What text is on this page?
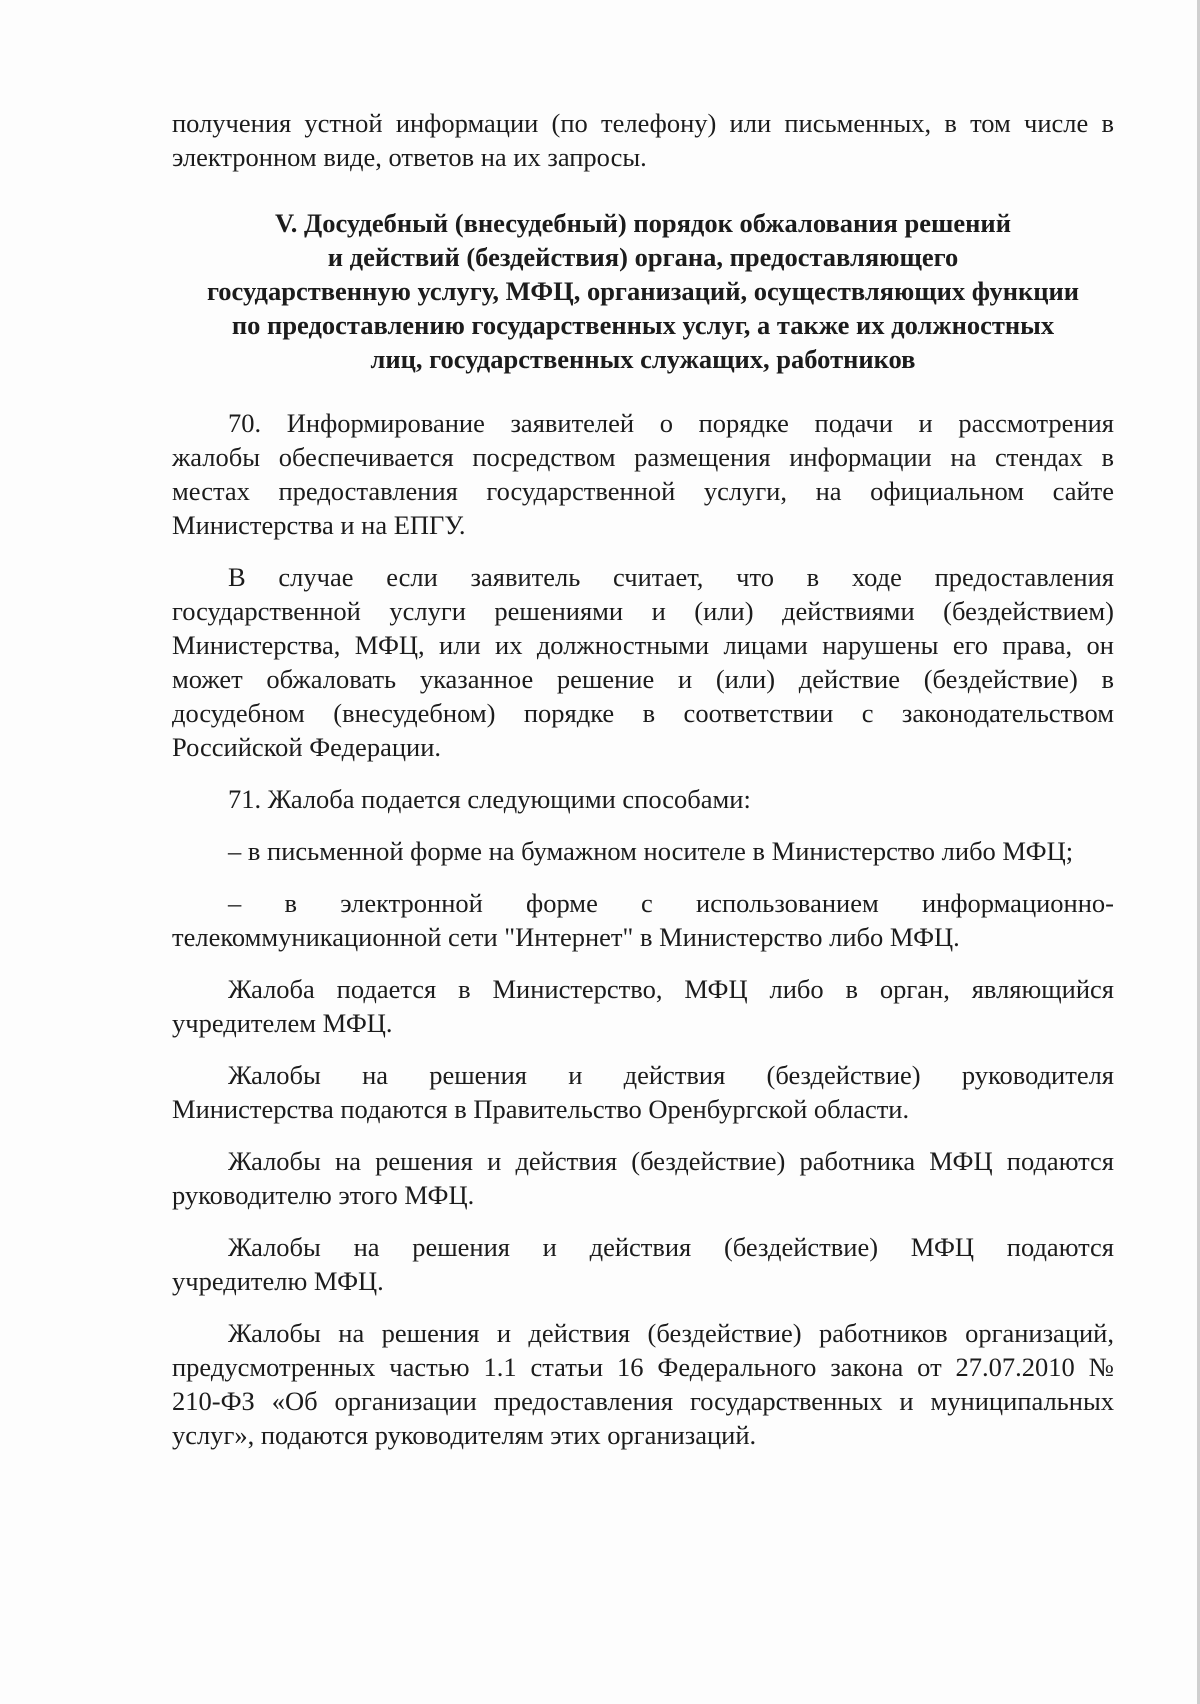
получения устной информации (по телефону) или письменных, в том числе в
электронном виде, ответов на их запросы.
V. Досудебный (внесудебный) порядок обжалования решений
и действий (бездействия) органа, предоставляющего
государственную услугу, МФЦ, организаций, осуществляющих функции
по предоставлению государственных услуг, а также их должностных
лиц, государственных служащих, работников
70. Информирование заявителей о порядке подачи и рассмотрения
жалобы обеспечивается посредством размещения информации на стендах в
местах предоставления государственной услуги, на официальном сайте
Министерства и на ЕПГУ.
В случае если заявитель считает, что в ходе предоставления
государственной услуги решениями и (или) действиями (бездействием)
Министерства, МФЦ, или их должностными лицами нарушены его права, он
может обжаловать указанное решение и (или) действие (бездействие) в
досудебном (внесудебном) порядке в соответствии с законодательством
Российской Федерации.
71. Жалоба подается следующими способами:
– в письменной форме на бумажном носителе в Министерство либо МФЦ;
– в электронной форме с использованием информационно-
телекоммуникационной сети "Интернет" в Министерство либо МФЦ.
Жалоба подается в Министерство, МФЦ либо в орган, являющийся
учредителем МФЦ.
Жалобы на решения и действия (бездействие) руководителя
Министерства подаются в Правительство Оренбургской области.
Жалобы на решения и действия (бездействие) работника МФЦ подаются
руководителю этого МФЦ.
Жалобы на решения и действия (бездействие) МФЦ подаются
учредителю МФЦ.
Жалобы на решения и действия (бездействие) работников организаций,
предусмотренных частью 1.1 статьи 16 Федерального закона от 27.07.2010 №
210-ФЗ «Об организации предоставления государственных и муниципальных
услуг», подаются руководителям этих организаций.
